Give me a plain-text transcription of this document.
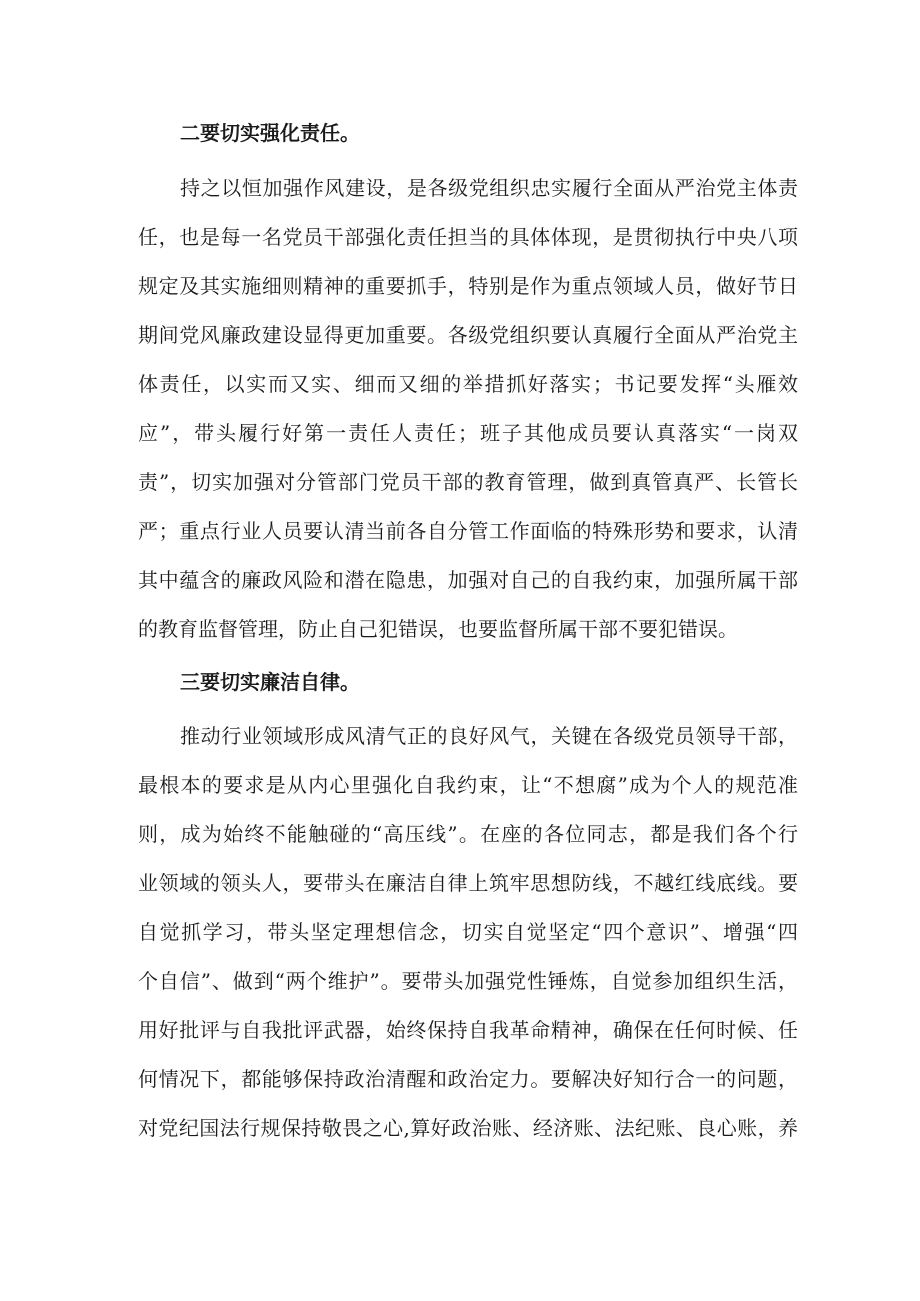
二要切实强化责任。
持之以恒加强作风建设，是各级党组织忠实履行全面从严治党主体责
任，也是每一名党员干部强化责任担当的具体体现，是贯彻执行中央八项
规定及其实施细则精神的重要抓手，特别是作为重点领域人员，做好节日
期间党风廉政建设显得更加重要。各级党组织要认真履行全面从严治党主
体责任，以实而又实、细而又细的举措抓好落实；书记要发挥“头雁效
应”，带头履行好第一责任人责任；班子其他成员要认真落实“一岗双
责”，切实加强对分管部门党员干部的教育管理，做到真管真严、长管长
严；重点行业人员要认清当前各自分管工作面临的特殊形势和要求，认清
其中蕴含的廉政风险和潜在隐患，加强对自己的自我约束，加强所属干部
的教育监督管理，防止自己犯错误，也要监督所属干部不要犯错误。
三要切实廉洁自律。
推动行业领域形成风清气正的良好风气，关键在各级党员领导干部，
最根本的要求是从内心里强化自我约束，让“不想腐”成为个人的规范准
则，成为始终不能触碰的“高压线”。在座的各位同志，都是我们各个行
业领域的领头人，要带头在廉洁自律上筑牢思想防线，不越红线底线。要
自觉抓学习，带头坚定理想信念，切实自觉坚定“四个意识”、增强“四
个自信”、做到“两个维护”。要带头加强党性锤炼，自觉参加组织生活，
用好批评与自我批评武器，始终保持自我革命精神，确保在任何时候、任
何情况下，都能够保持政治清醒和政治定力。要解决好知行合一的问题，
对党纪国法行规保持敬畏之心,算好政治账、经济账、法纪账、良心账，养
